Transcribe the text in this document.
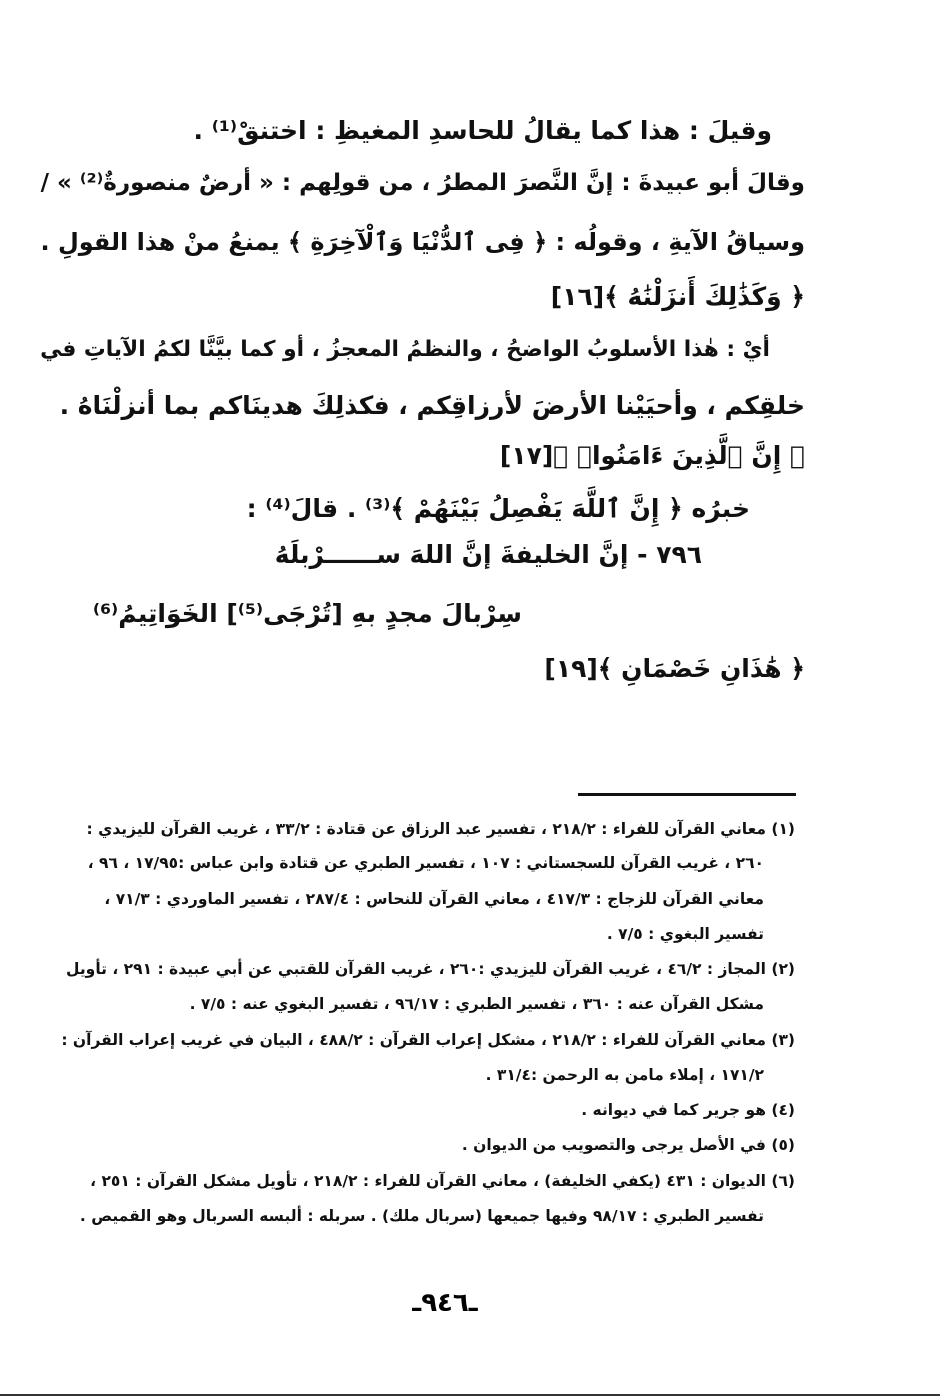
وقيلَ : هذا كما يقالُ للحاسدِ المغيظِ : اختنقْ⁽¹⁾ .
وقالَ أبو عبيدةَ : إنَّ النَّصرَ المطرُ ، من قولِهم : « أرضٌ منصورةٌ⁽²⁾ » /
وسياقُ الآيةِ ، وقولُه : ﴿ فِى ٱلدُّنْيَا وَٱلْآخِرَةِ ﴾ يمنعُ منْ هذا القولِ .
﴿ وَكَذَٰلِكَ أَنزَلْنَٰهُ ﴾[١٦]
أيْ : هٰذا الأسلوبُ الواضحُ ، والنظمُ المعجزُ ، أو كما بيَّنَّا لكمُ الآياتِ في
خلقِكم ، وأحيَيْنا الأرضَ لأرزاقِكم ، فكذلِكَ هدينَاكم بما أنزلْنَاهُ .
﴿ إِنَّ ٱلَّذِينَ ءَامَنُوا۟ ﴾[١٧]
خبرُه ﴿ إِنَّ ٱللَّهَ يَفْصِلُ بَيْنَهُمْ ﴾⁽³⁾ . قالَ⁽⁴⁾ :
٧٩٦ - إنَّ الخليفةَ إنَّ اللهَ ســــــرْبلَهُ
سِرْبالَ مجدٍ بهِ [تُرْجَى⁽⁵⁾] الخَوَاتِيمُ⁽⁶⁾
﴿ هَٰذَانِ خَصْمَانِ ﴾[١٩]
(١) معاني القرآن للفراء : ٢١٨/٢ ، تفسير عبد الرزاق عن قتادة : ٣٣/٢ ، غريب القرآن لليزيدي :
٢٦٠ ، غريب القرآن للسجستاني : ١٠٧ ، تفسير الطبري عن قتادة وابن عباس :١٧/٩٥ ، ٩٦ ،
معاني القرآن للزجاج : ٤١٧/٣ ، معاني القرآن للنحاس : ٢٨٧/٤ ، تفسير الماوردي : ٧١/٣ ،
تفسير البغوي : ٧/٥ .
(٢) المجاز : ٤٦/٢ ، غريب القرآن لليزيدي :٢٦٠ ، غريب القرآن للقتبي عن أبي عبيدة : ٢٩١ ، تأويل
مشكل القرآن عنه : ٣٦٠ ، تفسير الطبري : ٩٦/١٧ ، تفسير البغوي عنه : ٧/٥ .
(٣) معاني القرآن للفراء : ٢١٨/٢ ، مشكل إعراب القرآن : ٤٨٨/٢ ، البيان في غريب إعراب القرآن :
١٧١/٢ ، إملاء مامن به الرحمن :٣١/٤ .
(٤) هو جرير كما في ديوانه .
(٥) في الأصل يرجى والتصويب من الديوان .
(٦) الديوان : ٤٣١ (يكفي الخليفة) ، معاني القرآن للفراء : ٢١٨/٢ ، تأويل مشكل القرآن : ٢٥١ ،
تفسير الطبري : ٩٨/١٧ وفيها جميعها (سربال ملك) . سربله : ألبسه السربال وهو القميص .
ـ٩٤٦ـ
